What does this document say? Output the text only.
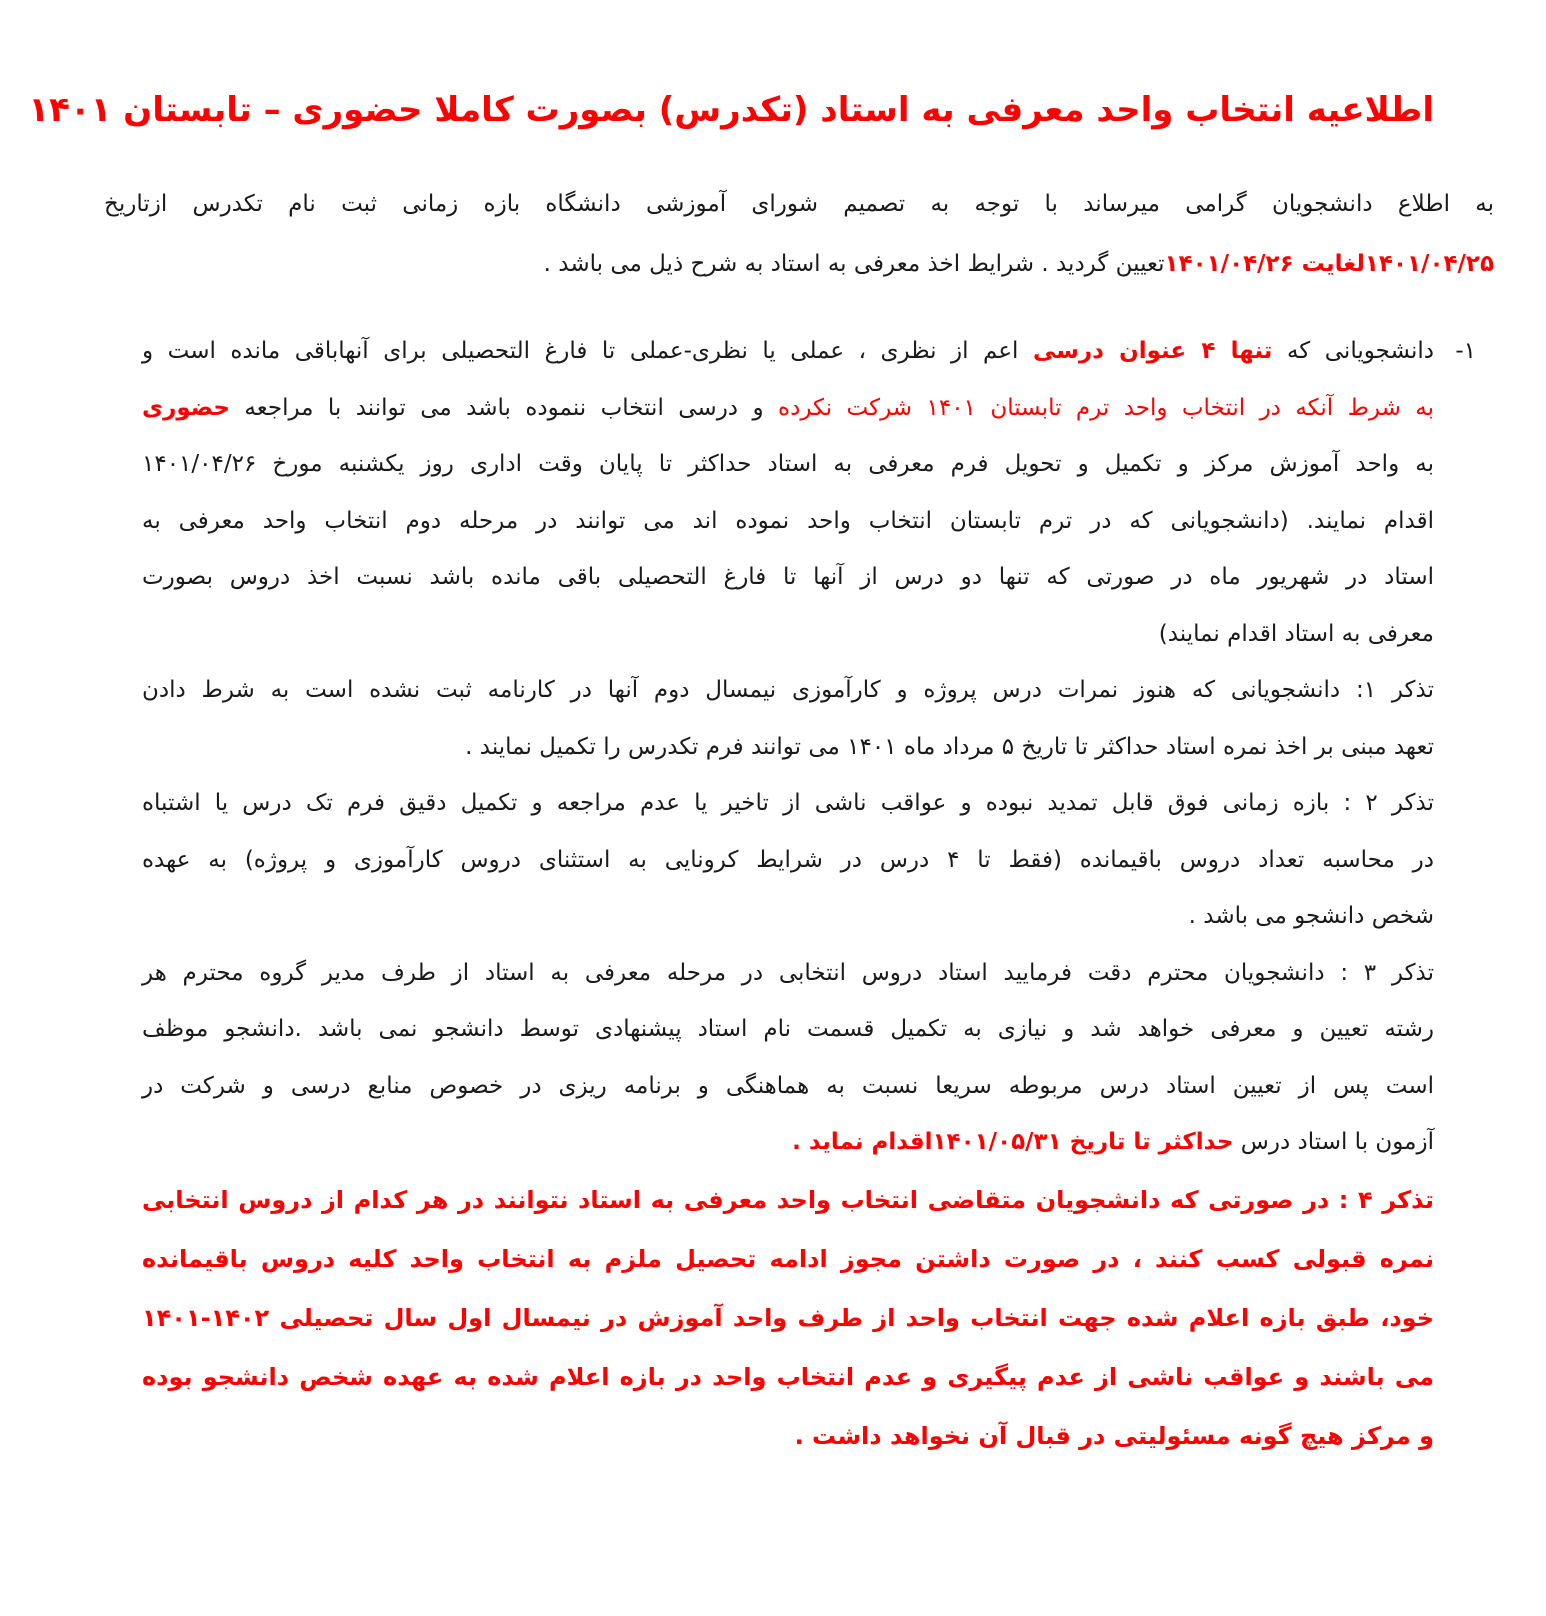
اطلاعیه انتخاب واحد معرفی به استاد (تکدرس) بصورت کاملا حضوری – تابستان ۱۴۰۱

به اطلاع دانشجویان گرامی میرساند با توجه به تصمیم شورای آموزشی دانشگاه بازه زمانی ثبت نام تکدرس ازتاریخ

۱۴۰۱/۰۴/۲۵لغایت ۱۴۰۱/۰۴/۲۶تعیین گردید . شرایط اخذ معرفی به استاد به شرح ذیل می باشد .

۱-

دانشجویانی که تنها ۴ عنوان درسی اعم از نظری ، عملی یا نظری-عملی تا فارغ التحصیلی برای آنهاباقی مانده است و

به شرط آنکه در انتخاب واحد ترم تابستان ۱۴۰۱ شرکت نکرده و درسی انتخاب ننموده باشد می توانند با مراجعه حضوری

به واحد آموزش مرکز و تکمیل و تحویل فرم معرفی به استاد حداکثر تا پایان وقت اداری روز یکشنبه مورخ ۱۴۰۱/۰۴/۲۶

اقدام نمایند. (دانشجویانی که در ترم تابستان انتخاب واحد نموده اند می توانند در مرحله دوم انتخاب واحد معرفی به

استاد در شهریور ماه در صورتی که تنها دو درس از آنها تا فارغ التحصیلی باقی مانده باشد نسبت اخذ دروس بصورت

معرفی به استاد اقدام نمایند)

تذکر ۱: دانشجویانی که هنوز نمرات درس پروژه و کارآموزی نیمسال دوم آنها در کارنامه ثبت نشده است به شرط دادن

تعهد مبنی بر اخذ نمره استاد حداکثر تا تاریخ ۵ مرداد ماه ۱۴۰۱ می توانند فرم تکدرس را تکمیل نمایند .

تذکر ۲ : بازه زمانی فوق قابل تمدید نبوده و عواقب ناشی از تاخیر یا عدم مراجعه و تکمیل دقیق فرم تک درس یا اشتباه

در محاسبه تعداد دروس باقیمانده (فقط تا ۴ درس در شرایط کرونایی به استثنای دروس کارآموزی و پروژه) به عهده

شخص دانشجو می باشد .

تذکر ۳ : دانشجویان محترم دقت فرمایید استاد دروس انتخابی در مرحله معرفی به استاد از طرف مدیر گروه محترم هر

رشته تعیین و معرفی خواهد شد و نیازی به تکمیل قسمت نام استاد پیشنهادی توسط دانشجو نمی باشد .دانشجو موظف

است پس از تعیین استاد درس مربوطه سریعا نسبت به هماهنگی و برنامه ریزی در خصوص منابع درسی و شرکت در

آزمون با استاد درس حداکثر تا تاریخ ۱۴۰۱/۰۵/۳۱اقدام نماید .

تذکر ۴ : در صورتی که دانشجویان متقاضی انتخاب واحد معرفی به استاد نتوانند در هر کدام از دروس انتخابی

نمره قبولی کسب کنند ، در صورت داشتن مجوز ادامه تحصیل ملزم به انتخاب واحد کلیه دروس باقیمانده

خود، طبق بازه اعلام شده جهت انتخاب واحد از طرف واحد آموزش در نیمسال اول سال تحصیلی ۱۴۰۲-۱۴۰۱

می باشند و عواقب ناشی از عدم پیگیری و عدم انتخاب واحد در بازه اعلام شده به عهده شخص دانشجو بوده

و مرکز هیچ گونه مسئولیتی در قبال آن نخواهد داشت .
